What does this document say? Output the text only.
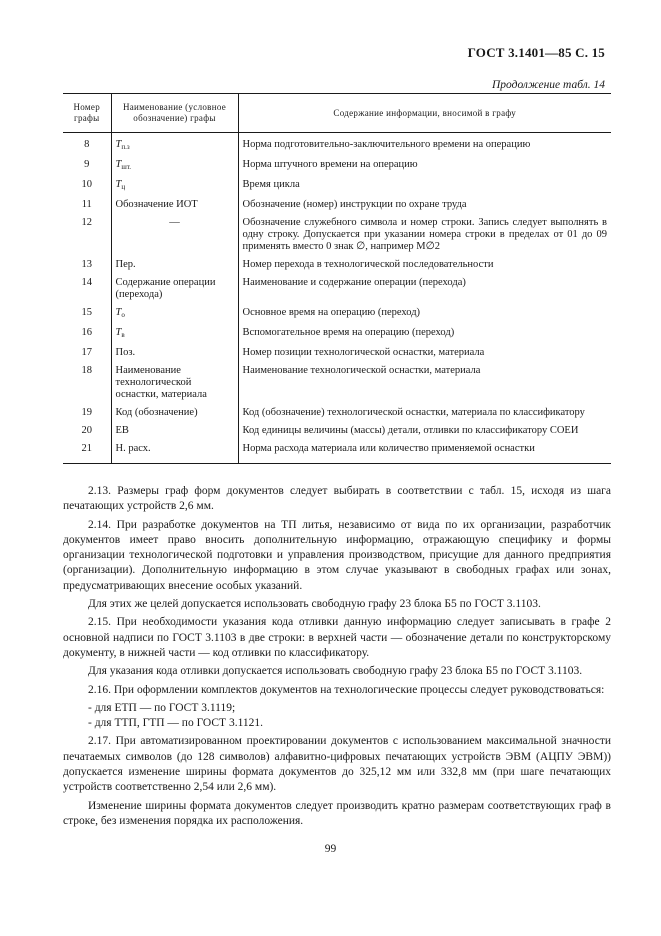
ГОСТ 3.1401—85 С. 15
Продолжение табл. 14
Номер графы	Наименование (условное обозначение) графы	Содержание информации, вносимой в графу
8	$T_{п.з}$	Норма подготовительно-заключительного времени на операцию
9	$T_{шт.}$	Норма штучного времени на операцию
10	$T_ц$	Время цикла
11	Обозначение ИОТ	Обозначение (номер) инструкции по охране труда
12	—	Обозначение служебного символа и номер строки. Запись следует выполнять в одну строку. Допускается при указании номера строки в пределах от 01 до 09 применять вместо 0 знак ∅, например M∅2
13	Пер.	Номер перехода в технологической последовательности
14	Содержание операции (перехода)	Наименование и содержание операции (перехода)
15	$T_о$	Основное время на операцию (переход)
16	$T_в$	Вспомогательное время на операцию (переход)
17	Поз.	Номер позиции технологической оснастки, материала
18	Наименование технологической оснастки, материала	Наименование технологической оснастки, материала
19	Код (обозначение)	Код (обозначение) технологической оснастки, материала по классификатору
20	ЕВ	Код единицы величины (массы) детали, отливки по классификатору СОЕИ
21	Н. расх.	Норма расхода материала или количество применяемой оснастки

2.13. Размеры граф форм документов следует выбирать в соответствии с табл. 15, исходя из шага печатающих устройств 2,6 мм.

2.14. При разработке документов на ТП литья, независимо от вида по их организации, разработчик документов имеет право вносить дополнительную информацию, отражающую специфику и формы организации технологической подготовки и управления производством, присущие для данного предприятия (организации). Дополнительную информацию в этом случае указывают в свободных графах или зонах, предусматривающих внесение особых указаний.

Для этих же целей допускается использовать свободную графу 23 блока Б5 по ГОСТ 3.1103.

2.15. При необходимости указания кода отливки данную информацию следует записывать в графе 2 основной надписи по ГОСТ 3.1103 в две строки: в верхней части — обозначение детали по конструкторскому документу, в нижней части — код отливки по классификатору.

Для указания кода отливки допускается использовать свободную графу 23 блока Б5 по ГОСТ 3.1103.

2.16. При оформлении комплектов документов на технологические процессы следует руководствоваться:

- для ЕТП — по ГОСТ 3.1119;

- для ТТП, ГТП — по ГОСТ 3.1121.

2.17. При автоматизированном проектировании документов с использованием максимальной значности печатаемых символов (до 128 символов) алфавитно-цифровых печатающих устройств ЭВМ (АЦПУ ЭВМ)) допускается изменение ширины формата документов до 325,12 мм или 332,8 мм (при шаге печатающих устройств соответственно 2,54 или 2,6 мм).

Изменение ширины формата документов следует производить кратно размерам соответствующих граф в строке, без изменения порядка их расположения.

99
